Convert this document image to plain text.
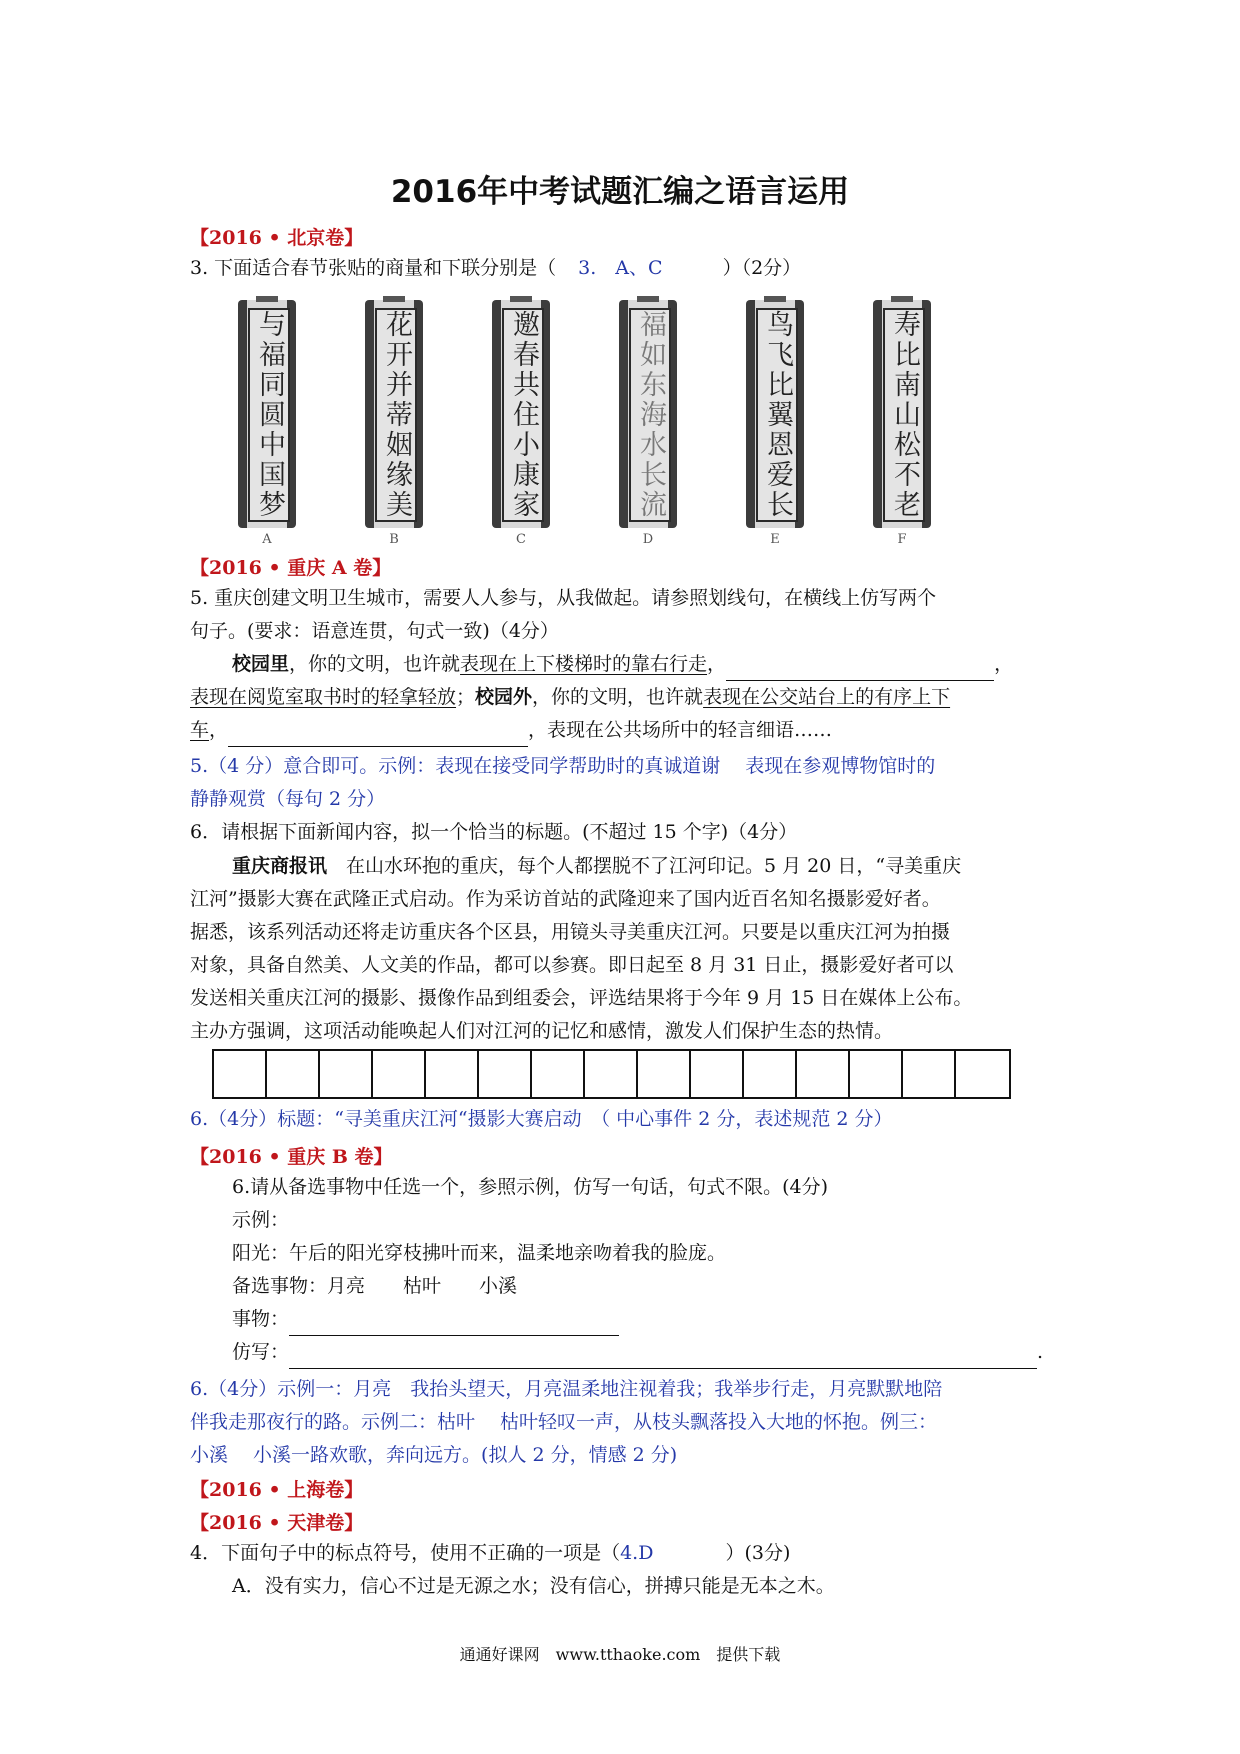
2016年中考试题汇编之语言运用
【2016 • 北京卷】
3. 下面适合春节张贴的商量和下联分别是（ 3.　A、C	）（2分）
与福同圆中国梦
A
花开并蒂姻缘美
B
邀春共住小康家
C
福如东海水长流
D
鸟飞比翼恩爱长
E
寿比南山松不老
F
【2016 • 重庆 A 卷】
5. 重庆创建文明卫生城市，需要人人参与，从我做起。请参照划线句，在横线上仿写两个
句子。(要求：语意连贯，句式一致)（4分）
校园里，你的文明，也许就表现在上下楼梯时的靠右行走，	，
表现在阅览室取书时的轻拿轻放；校园外，你的文明，也许就表现在公交站台上的有序上下
车，	，表现在公共场所中的轻言细语……
5.（4 分）意合即可。示例：表现在接受同学帮助时的真诚道谢　 表现在参观博物馆时的
静静观赏（每句 2 分）
6．请根据下面新闻内容，拟一个恰当的标题。(不超过 15 个字)（4分）
重庆商报讯　在山水环抱的重庆，每个人都摆脱不了江河印记。5 月 20 日，“寻美重庆
江河”摄影大赛在武隆正式启动。作为采访首站的武隆迎来了国内近百名知名摄影爱好者。
据悉，该系列活动还将走访重庆各个区县，用镜头寻美重庆江河。只要是以重庆江河为拍摄
对象，具备自然美、人文美的作品，都可以参赛。即日起至 8 月 31 日止，摄影爱好者可以
发送相关重庆江河的摄影、摄像作品到组委会，评选结果将于今年 9 月 15 日在媒体上公布。
主办方强调，这项活动能唤起人们对江河的记忆和感情，激发人们保护生态的热情。
6.（4分）标题：“寻美重庆江河“摄影大赛启动　（ 中心事件 2 分，表述规范 2 分）
【2016 • 重庆 B 卷】
6.请从备选事物中任选一个，参照示例，仿写一句话，句式不限。(4分)
示例：
阳光：午后的阳光穿枝拂叶而来，温柔地亲吻着我的脸庞。
备选事物：月亮　　枯叶　　小溪
事物：
仿写：	.
6.（4分）示例一：月亮　我抬头望天，月亮温柔地注视着我；我举步行走，月亮默默地陪
伴我走那夜行的路。示例二：枯叶　 枯叶轻叹一声，从枝头飘落投入大地的怀抱。例三：
小溪　 小溪一路欢歌，奔向远方。(拟人 2 分，情感 2 分)
【2016 • 上海卷】
【2016 • 天津卷】
4．下面句子中的标点符号，使用不正确的一项是（4.D	）(3分)
A．没有实力，信心不过是无源之水；没有信心，拼搏只能是无本之木。
通通好课网　www.tthaoke.com　提供下载
